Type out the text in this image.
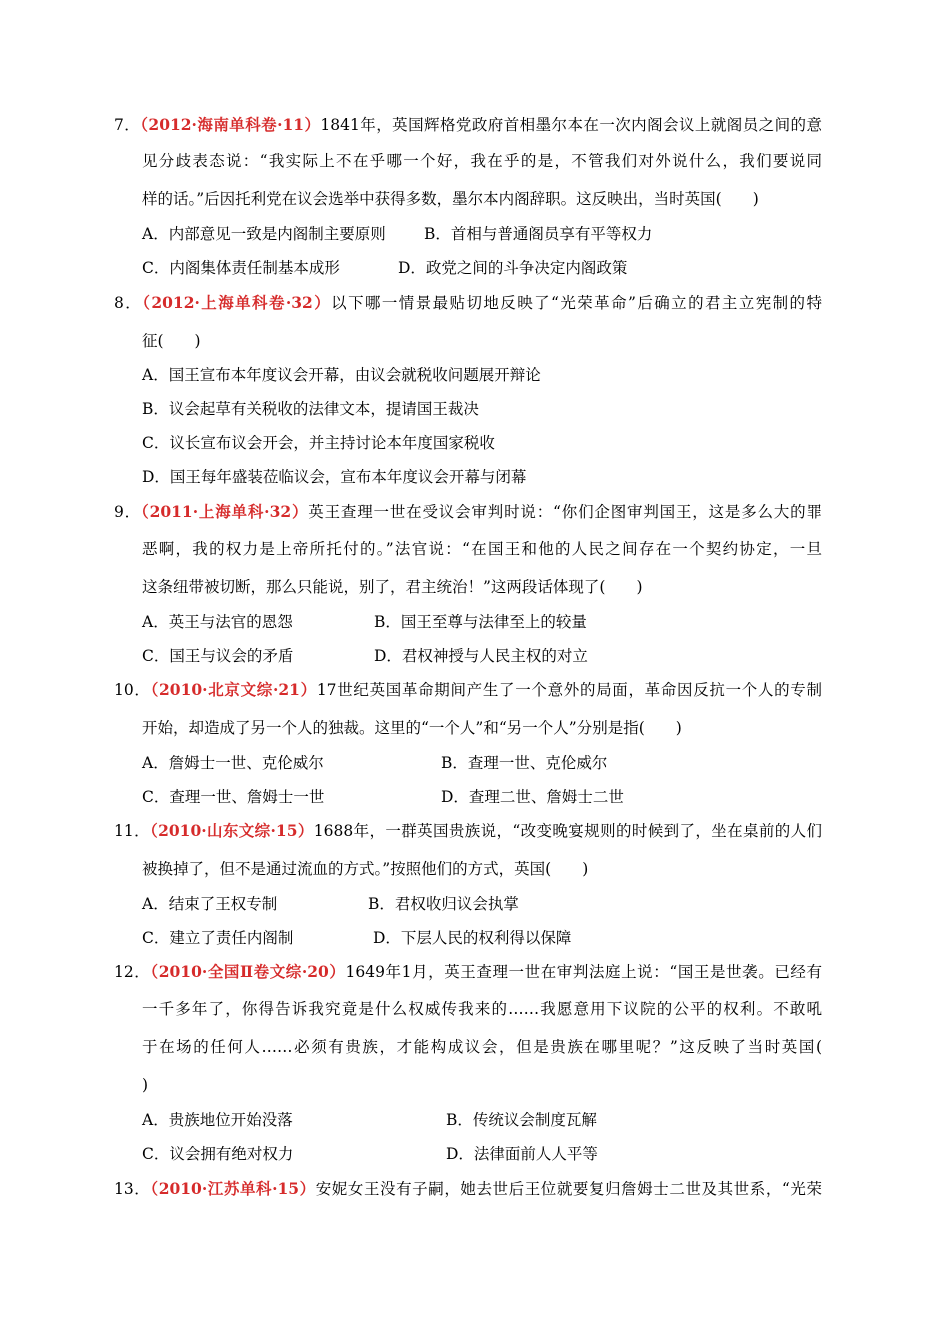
7．（2012·海南单科卷·11）1841年，英国辉格党政府首相墨尔本在一次内阁会议上就阁员之间的意
见分歧表态说：“我实际上不在乎哪一个好，我在乎的是，不管我们对外说什么，我们要说同
样的话。”后因托利党在议会选举中获得多数，墨尔本内阁辞职。这反映出，当时英国(　　)
A．内部意见一致是内阁制主要原则 B．首相与普通阁员享有平等权力
C．内阁集体责任制基本成形	D．政党之间的斗争决定内阁政策
8．（2012·上海单科卷·32）以下哪一情景最贴切地反映了“光荣革命”后确立的君主立宪制的特
征(　　)
A．国王宣布本年度议会开幕，由议会就税收问题展开辩论
B．议会起草有关税收的法律文本，提请国王裁决
C．议长宣布议会开会，并主持讨论本年度国家税收
D．国王每年盛装莅临议会，宣布本年度议会开幕与闭幕
9．（2011·上海单科·32）英王查理一世在受议会审判时说：“你们企图审判国王，这是多么大的罪
恶啊，我的权力是上帝所托付的。”法官说：“在国王和他的人民之间存在一个契约协定，一旦
这条纽带被切断，那么只能说，别了，君主统治！”这两段话体现了(　　)
A．英王与法官的恩怨	B．国王至尊与法律至上的较量
C．国王与议会的矛盾	D．君权神授与人民主权的对立
10．（2010·北京文综·21）17世纪英国革命期间产生了一个意外的局面，革命因反抗一个人的专制
开始，却造成了另一个人的独裁。这里的“一个人”和“另一个人”分别是指(　　)
A．詹姆士一世、克伦威尔	B．查理一世、克伦威尔
C．查理一世、詹姆士一世	D．查理二世、詹姆士二世
11．（2010·山东文综·15）1688年，一群英国贵族说，“改变晚宴规则的时候到了，坐在桌前的人们
被换掉了，但不是通过流血的方式。”按照他们的方式，英国(　　)
A．结束了王权专制	B．君权收归议会执掌
C．建立了责任内阁制	D．下层人民的权利得以保障
12．（2010·全国Ⅱ卷文综·20）1649年1月，英王查理一世在审判法庭上说：“国王是世袭。已经有
一千多年了，你得告诉我究竟是什么权威传我来的……我愿意用下议院的公平的权利。不敢吼
于在场的任何人……必须有贵族，才能构成议会，但是贵族在哪里呢？”这反映了当时英国(
)
A．贵族地位开始没落	B．传统议会制度瓦解
C．议会拥有绝对权力	D．法律面前人人平等
13．（2010·江苏单科·15）安妮女王没有子嗣，她去世后王位就要复归詹姆士二世及其世系，“光荣
